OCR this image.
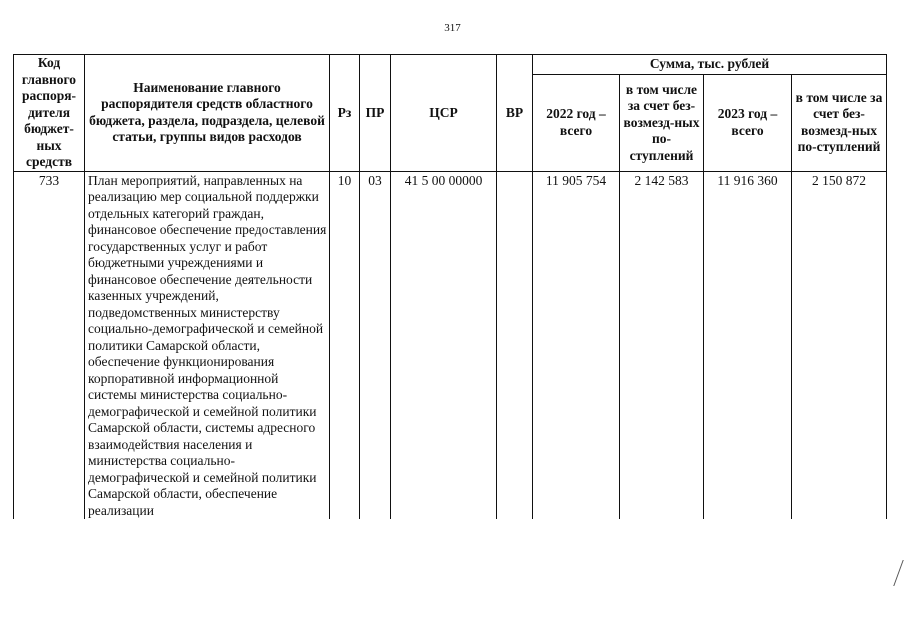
317
Код главного распоря-дителя бюджет-ных средств	Наименование главного распорядителя средств областного бюджета, раздела, подраздела, целевой статьи, группы видов расходов	Рз	ПР	ЦСР	ВР	Сумма, тыс. рублей			
						2022 год – всего	в том числе за счет без-возмезд-ных по-ступлений	2023 год – всего	в том числе за счет без-возмезд-ных по-ступлений
733	План мероприятий, направленных на реализацию мер социальной поддержки отдельных категорий граждан, финансовое обеспечение предоставления государственных услуг и работ бюджетными учреждениями и финансовое обеспечение деятельности казенных учреждений, подведомственных министерству социально-демографической и семейной политики Самарской области, обеспечение функционирования корпоративной информационной системы министерства социально-демографической и семейной политики Самарской области, системы адресного взаимодействия населения и министерства социально-демографической и семейной политики Самарской области, обеспечение реализации	10	03	41 5 00 00000		11 905 754	2 142 583	11 916 360	2 150 872
